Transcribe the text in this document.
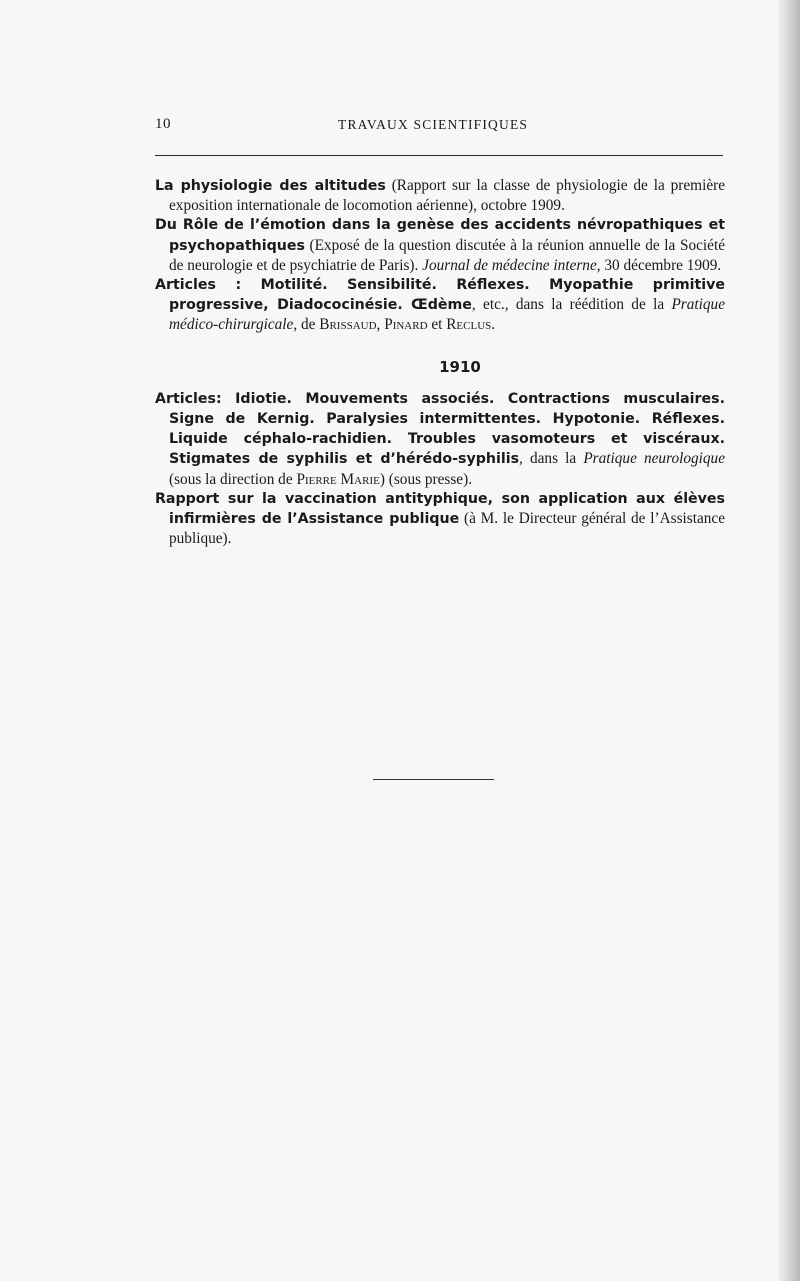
10	TRAVAUX SCIENTIFIQUES

La physiologie des altitudes (Rapport sur la classe de physiologie de la première exposition internationale de locomotion aérienne), octobre 1909.

Du Rôle de l’émotion dans la genèse des accidents névropathiques et psychopathiques (Exposé de la question discutée à la réunion annuelle de la Société de neurologie et de psychiatrie de Paris). Journal de médecine interne, 30 décembre 1909.

Articles : Motilité. Sensibilité. Réflexes. Myopathie primitive progressive, Diadococinésie. Œdème, etc., dans la réédition de la Pratique médico-chirurgicale, de Brissaud, Pinard et Reclus.

1910

Articles: Idiotie. Mouvements associés. Contractions musculaires. Signe de Kernig. Paralysies intermittentes. Hypotonie. Réflexes. Liquide céphalo-rachidien. Troubles vasomoteurs et viscéraux. Stigmates de syphilis et d’hérédo-syphilis, dans la Pratique neurologique (sous la direction de Pierre Marie) (sous presse).

Rapport sur la vaccination antityphique, son application aux élèves infirmières de l’Assistance publique (à M. le Directeur général de l’Assistance publique).
